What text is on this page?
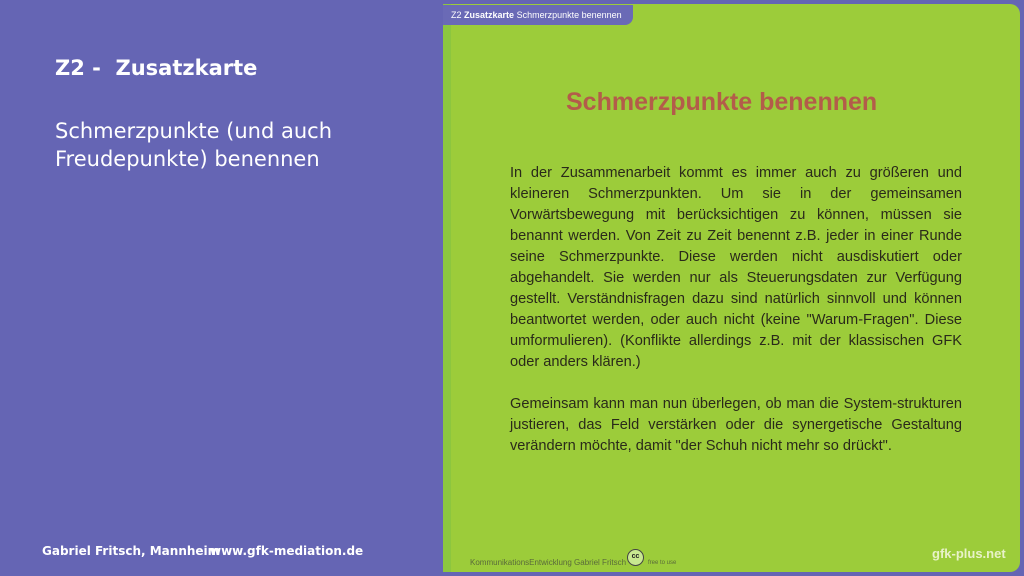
Z2 -  Zusatzkarte
Schmerzpunkte (und auch Freudepunkte) benennen
Gabriel Fritsch, Mannheim
www.gfk-mediation.de
Z2 Zusatzkarte Schmerzpunkte benennen
Schmerzpunkte benennen

In der Zusammenarbeit kommt es immer auch zu größeren und kleineren Schmerzpunkten. Um sie in der gemeinsamen Vorwärtsbewegung mit berücksichtigen zu können, müssen sie benannt werden. Von Zeit zu Zeit benennt z.B. jeder in einer Runde seine Schmerzpunkte. Diese werden nicht ausdiskutiert oder abgehandelt. Sie werden nur als Steuerungsdaten zur Verfügung gestellt. Verständnisfragen dazu sind natürlich sinnvoll und können beantwortet werden, oder auch nicht (keine "Warum-Fragen". Diese umformulieren). (Konflikte allerdings z.B. mit der klassischen GFK oder anders klären.)

Gemeinsam kann man nun überlegen, ob man die System-strukturen justieren, das Feld verstärken oder die synergetische Gestaltung verändern möchte, damit "der Schuh nicht mehr so drückt".

KommunikationsEntwicklung Gabriel Fritsch
cc
free to use
gfk-plus.net
